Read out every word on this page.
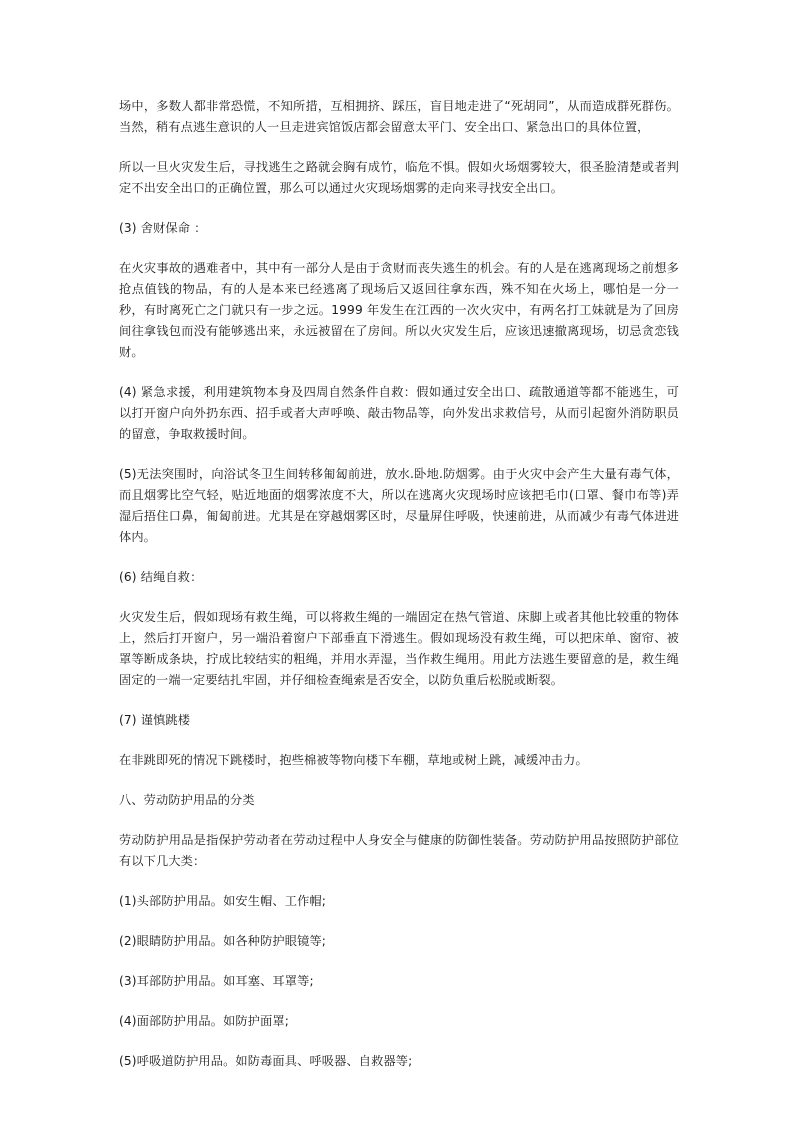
场中，多数人都非常恐慌，不知所措，互相拥挤、踩压，盲目地走进了“死胡同”，从而造成群死群伤。当然，稍有点逃生意识的人一旦走进宾馆饭店都会留意太平门、安全出口、紧急出口的具体位置，

所以一旦火灾发生后，寻找逃生之路就会胸有成竹，临危不惧。假如火场烟雾较大，很圣脸清楚或者判定不出安全出口的正确位置，那么可以通过火灾现场烟雾的走向来寻找安全出口。

(3) 舍财保命 ：

在火灾事故的遇难者中，其中有一部分人是由于贪财而丧失逃生的机会。有的人是在逃离现场之前想多抢点值钱的物品，有的人是本来已经逃离了现场后又返回往拿东西，殊不知在火场上，哪怕是一分一秒，有时离死亡之门就只有一步之远。1999 年发生在江西的一次火灾中，有两名打工妹就是为了回房间往拿钱包而没有能够逃出来，永远被留在了房间。所以火灾发生后，应该迅速撤离现场，切忌贪恋钱财。

(4) 紧急求援，利用建筑物本身及四周自然条件自救：假如通过安全出口、疏散通道等都不能逃生，可以打开窗户向外扔东西、招手或者大声呼唤、敲击物品等，向外发出求救信号，从而引起窗外消防职员的留意，争取救援时间。

(5)无法突围时，向浴试冬卫生间转移匍匐前进，放水.卧地.防烟雾。由于火灾中会产生大量有毒气体，而且烟雾比空气轻，贴近地面的烟雾浓度不大，所以在逃离火灾现场时应该把毛巾(口罩、餐巾布等)弄湿后捂住口鼻，匍匐前进。尤其是在穿越烟雾区时，尽量屏住呼吸，快速前进，从而减少有毒气体进进体内。

(6) 结绳自救：

火灾发生后，假如现场有救生绳，可以将救生绳的一端固定在热气管道、床脚上或者其他比较重的物体上，然后打开窗户，另一端沿着窗户下部垂直下滑逃生。假如现场没有救生绳，可以把床单、窗帘、被罩等断成条块，拧成比较结实的粗绳，并用水弄湿，当作救生绳用。用此方法逃生要留意的是，救生绳固定的一端一定要结扎牢固，并仔细检查绳索是否安全，以防负重后松脱或断裂。

(7) 谨慎跳楼

在非跳即死的情况下跳楼时，抱些棉被等物向楼下车棚，草地或树上跳，减缓冲击力。

八、劳动防护用品的分类

劳动防护用品是指保护劳动者在劳动过程中人身安全与健康的防御性装备。劳动防护用品按照防护部位有以下几大类：

(1)头部防护用品。如安生帽、工作帽;

(2)眼睛防护用品。如各种防护眼镜等;

(3)耳部防护用品。如耳塞、耳罩等;

(4)面部防护用品。如防护面罩;

(5)呼吸道防护用品。如防毒面具、呼吸器、自救器等;
